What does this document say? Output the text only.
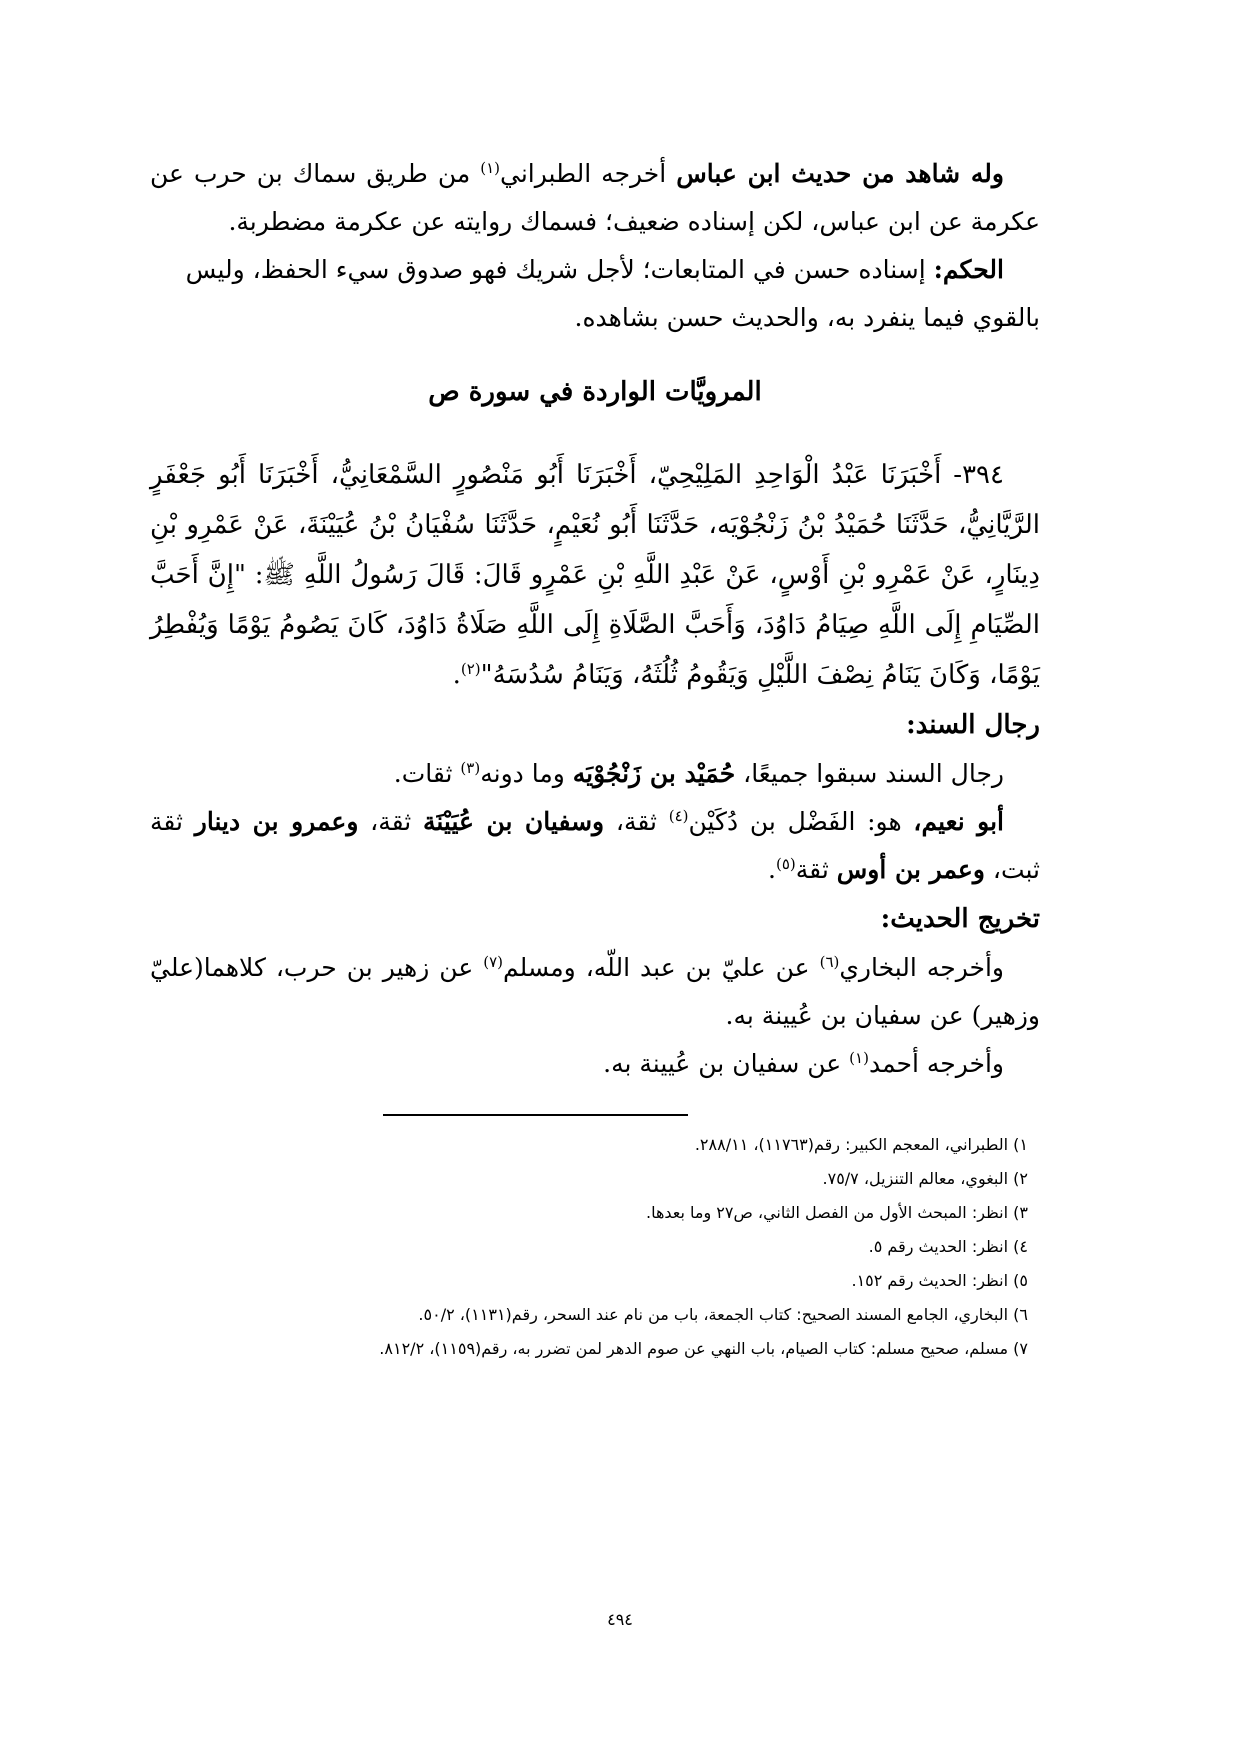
وله شاهد من حديث ابن عباس أخرجه الطبراني$^{(١)}$ من طريق سماك بن حرب عن عكرمة عن ابن عباس، لكن إسناده ضعيف؛ فسماك روايته عن عكرمة مضطربة.

الحكم: إسناده حسن في المتابعات؛ لأجل شريك فهو صدوق سيء الحفظ، وليس بالقوي فيما ينفرد به، والحديث حسن بشاهده.

المرويَّات الواردة في سورة ص

٣٩٤- أَخْبَرَنَا عَبْدُ الْوَاحِدِ المَلِيْحِيّ، أَخْبَرَنَا أَبُو مَنْصُورٍ السَّمْعَانِيُّ، أَخْبَرَنَا أَبُو جَعْفَرٍ الرَّيَّانِيُّ، حَدَّثَنَا حُمَيْدُ بْنُ زَنْجُوْيَه، حَدَّثَنَا أَبُو نُعَيْمٍ، حَدَّثَنَا سُفْيَانُ بْنُ عُيَيْنَةَ، عَنْ عَمْرِو بْنِ دِينَارٍ، عَنْ عَمْرِو بْنِ أَوْسٍ، عَنْ عَبْدِ اللَّهِ بْنِ عَمْرٍو قَالَ: قَالَ رَسُولُ اللَّهِ ﷺ: "إِنَّ أَحَبَّ الصِّيَامِ إِلَى اللَّهِ صِيَامُ دَاوُدَ، وَأَحَبَّ الصَّلَاةِ إِلَى اللَّهِ صَلَاةُ دَاوُدَ، كَانَ يَصُومُ يَوْمًا وَيُفْطِرُ يَوْمًا، وَكَانَ يَنَامُ نِصْفَ اللَّيْلِ وَيَقُومُ ثُلُثَهُ، وَيَنَامُ سُدُسَهُ"$^{(٢)}$.

رجال السند:

رجال السند سبقوا جميعًا، حُمَيْد بن زَنْجُوْيَه وما دونه$^{(٣)}$ ثقات.

أبو نعيم، هو: الفَضْل بن دُكَيْن$^{(٤)}$ ثقة، وسفيان بن عُيَيْنَة ثقة، وعمرو بن دينار ثقة ثبت، وعمر بن أوس ثقة$^{(٥)}$.

تخريج الحديث:

وأخرجه البخاري$^{(٦)}$ عن عليّ بن عبد اللّه، ومسلم$^{(٧)}$ عن زهير بن حرب، كلاهما(عليّ وزهير) عن سفيان بن عُيينة به.

وأخرجه أحمد$^{(١)}$ عن سفيان بن عُيينة به.

١) الطبراني، المعجم الكبير: رقم(١١٧٦٣)، ٢٨٨/١١.

٢) البغوي، معالم التنزيل، ٧٥/٧.

٣) انظر: المبحث الأول من الفصل الثاني، ص٢٧ وما بعدها.

٤) انظر: الحديث رقم ٥.

٥) انظر: الحديث رقم ١٥٢.

٦) البخاري، الجامع المسند الصحيح: كتاب الجمعة، باب من نام عند السحر، رقم(١١٣١)، ٥٠/٢.

٧) مسلم، صحيح مسلم: كتاب الصيام، باب النهي عن صوم الدهر لمن تضرر به، رقم(١١٥٩)، ٨١٢/٢.

٤٩٤
